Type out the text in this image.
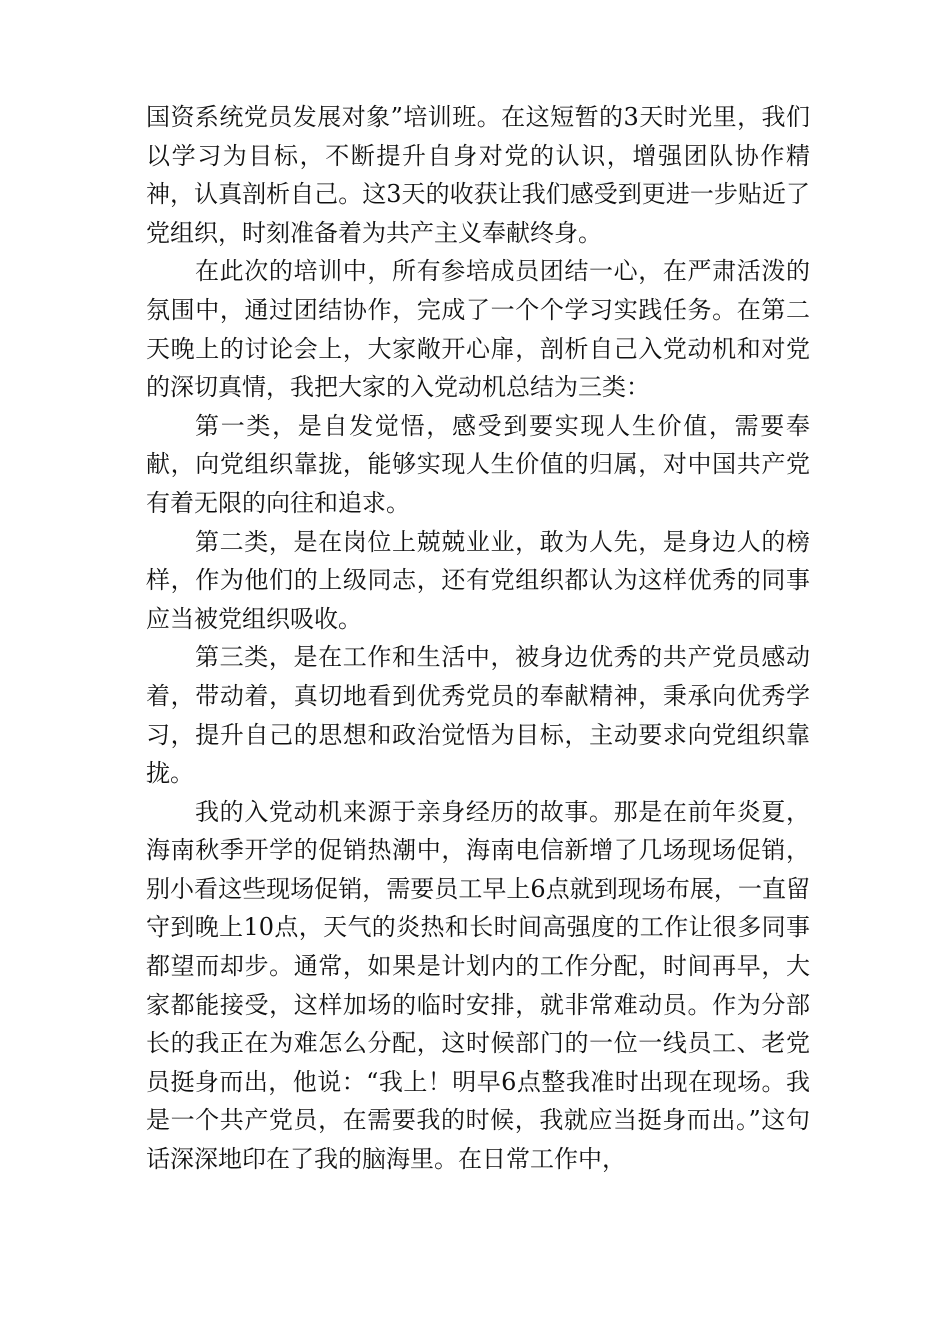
国资系统党员发展对象”培训班。在这短暂的3天时光里，我们以学习为目标，不断提升自身对党的认识，增强团队协作精神，认真剖析自己。这3天的收获让我们感受到更进一步贴近了党组织，时刻准备着为共产主义奉献终身。

在此次的培训中，所有参培成员团结一心，在严肃活泼的氛围中，通过团结协作，完成了一个个学习实践任务。在第二天晚上的讨论会上，大家敞开心扉，剖析自己入党动机和对党的深切真情，我把大家的入党动机总结为三类：

第一类，是自发觉悟，感受到要实现人生价值，需要奉献，向党组织靠拢，能够实现人生价值的归属，对中国共产党有着无限的向往和追求。

第二类，是在岗位上兢兢业业，敢为人先，是身边人的榜样，作为他们的上级同志，还有党组织都认为这样优秀的同事应当被党组织吸收。

第三类，是在工作和生活中，被身边优秀的共产党员感动着，带动着，真切地看到优秀党员的奉献精神，秉承向优秀学习，提升自己的思想和政治觉悟为目标，主动要求向党组织靠拢。

我的入党动机来源于亲身经历的故事。那是在前年炎夏，海南秋季开学的促销热潮中，海南电信新增了几场现场促销，别小看这些现场促销，需要员工早上6点就到现场布展，一直留守到晚上10点，天气的炎热和长时间高强度的工作让很多同事都望而却步。通常，如果是计划内的工作分配，时间再早，大家都能接受，这样加场的临时安排，就非常难动员。作为分部长的我正在为难怎么分配，这时候部门的一位一线员工、老党员挺身而出，他说：“我上！明早6点整我准时出现在现场。我是一个共产党员，在需要我的时候，我就应当挺身而出。”这句话深深地印在了我的脑海里。在日常工作中，
